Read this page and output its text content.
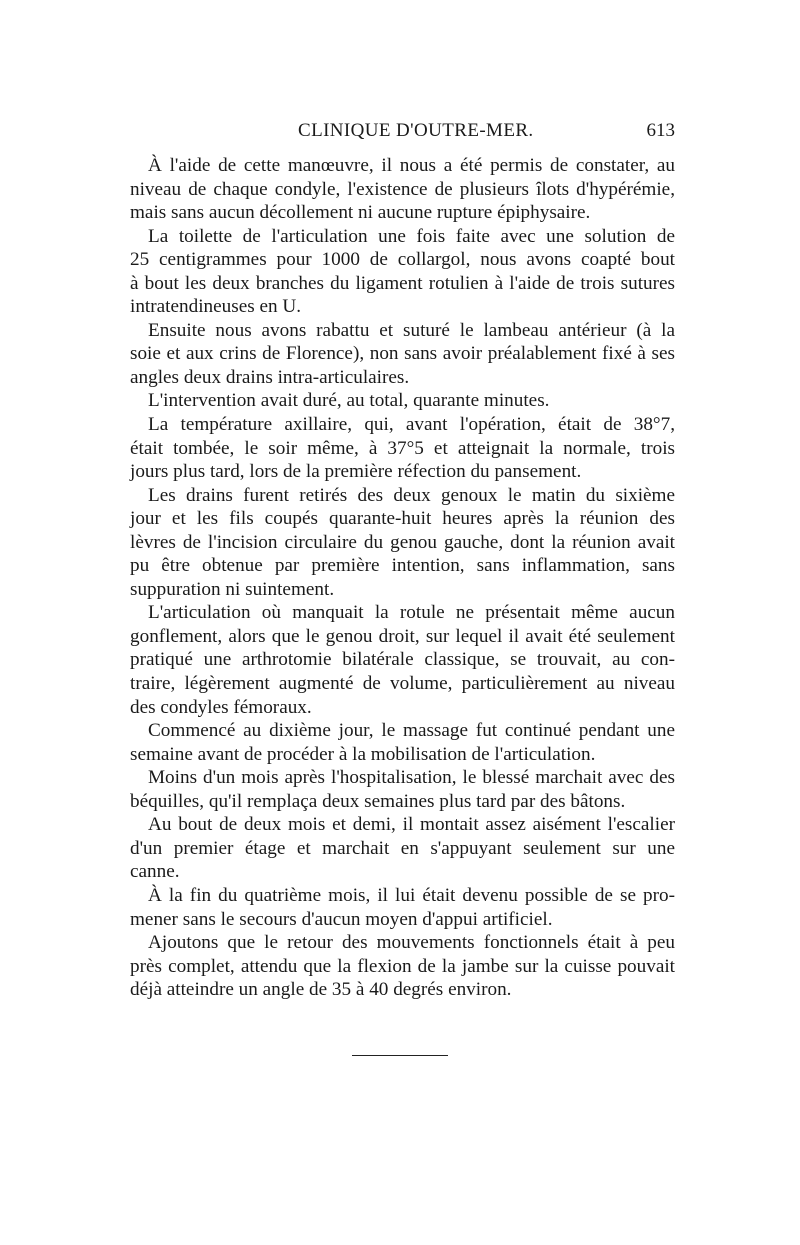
CLINIQUE D'OUTRE-MER.	613
À l'aide de cette manœuvre, il nous a été permis de constater, au
niveau de chaque condyle, l'existence de plusieurs îlots d'hypérémie,
mais sans aucun décollement ni aucune rupture épiphysaire.
La toilette de l'articulation une fois faite avec une solution de
25 centigrammes pour 1000 de collargol, nous avons coapté bout
à bout les deux branches du ligament rotulien à l'aide de trois sutures
intratendineuses en U.
Ensuite nous avons rabattu et suturé le lambeau antérieur (à la
soie et aux crins de Florence), non sans avoir préalablement fixé à ses
angles deux drains intra-articulaires.
L'intervention avait duré, au total, quarante minutes.
La température axillaire, qui, avant l'opération, était de 38°7,
était tombée, le soir même, à 37°5 et atteignait la normale, trois
jours plus tard, lors de la première réfection du pansement.
Les drains furent retirés des deux genoux le matin du sixième
jour et les fils coupés quarante-huit heures après la réunion des
lèvres de l'incision circulaire du genou gauche, dont la réunion avait
pu être obtenue par première intention, sans inflammation, sans
suppuration ni suintement.
L'articulation où manquait la rotule ne présentait même aucun
gonflement, alors que le genou droit, sur lequel il avait été seulement
pratiqué une arthrotomie bilatérale classique, se trouvait, au con-
traire, légèrement augmenté de volume, particulièrement au niveau
des condyles fémoraux.
Commencé au dixième jour, le massage fut continué pendant une
semaine avant de procéder à la mobilisation de l'articulation.
Moins d'un mois après l'hospitalisation, le blessé marchait avec des
béquilles, qu'il remplaça deux semaines plus tard par des bâtons.
Au bout de deux mois et demi, il montait assez aisément l'escalier
d'un premier étage et marchait en s'appuyant seulement sur une
canne.
À la fin du quatrième mois, il lui était devenu possible de se pro-
mener sans le secours d'aucun moyen d'appui artificiel.
Ajoutons que le retour des mouvements fonctionnels était à peu
près complet, attendu que la flexion de la jambe sur la cuisse pouvait
déjà atteindre un angle de 35 à 40 degrés environ.
